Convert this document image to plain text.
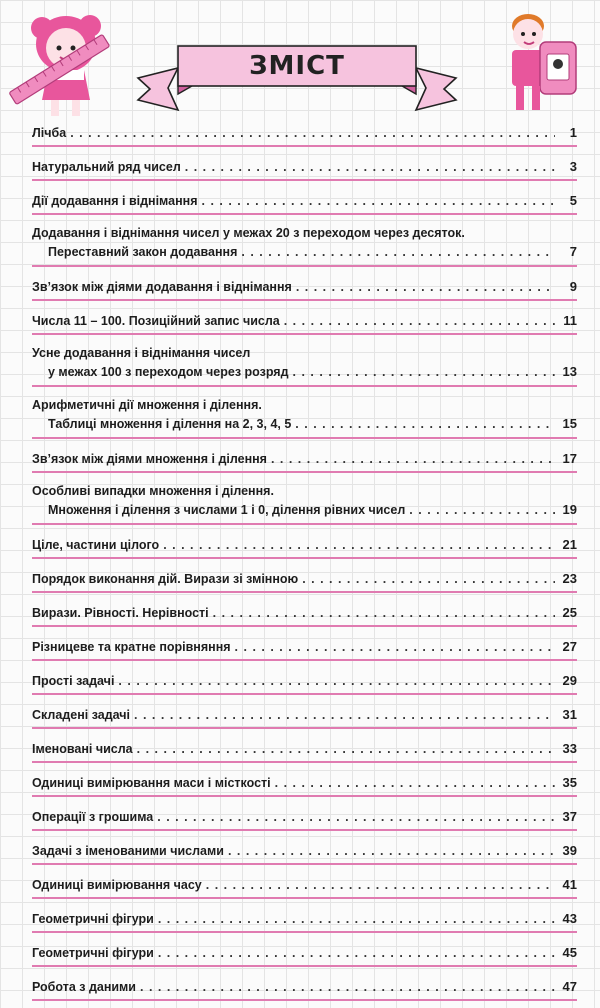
ЗМІСТ
Лічба . . .	1
Натуральний ряд чисел . . .	3
Дії додавання і віднімання . . .	5
Додавання і віднімання чисел у межах 20 з переходом через десяток.
Переставний закон додавання . . .	7
Зв’язок між діями додавання і віднімання . . .	9
Числа 11 – 100. Позиційний запис числа . . .	11
Усне додавання і віднімання чисел
у межах 100 з переходом через розряд . . .	13
Арифметичні дії множення і ділення.
Таблиці множення і ділення на 2, 3, 4, 5 . . .	15
Зв’язок між діями множення і ділення . . .	17
Особливі випадки множення і ділення.
Множення і ділення з числами 1 і 0, ділення рівних чисел . . .	19
Ціле, частини цілого . . .	21
Порядок виконання дій. Вирази зі змінною . . .	23
Вирази. Рівності. Нерівності . . .	25
Різницеве та кратне порівняння . . .	27
Прості задачі . . .	29
Складені задачі . . .	31
Іменовані числа . . .	33
Одиниці вимірювання маси і місткості . . .	35
Операції з грошима . . .	37
Задачі з іменованими числами . . .	39
Одиниці вимірювання часу . . .	41
Геометричні фігури . . .	43
Геометричні фігури . . .	45
Робота з даними . . .	47
